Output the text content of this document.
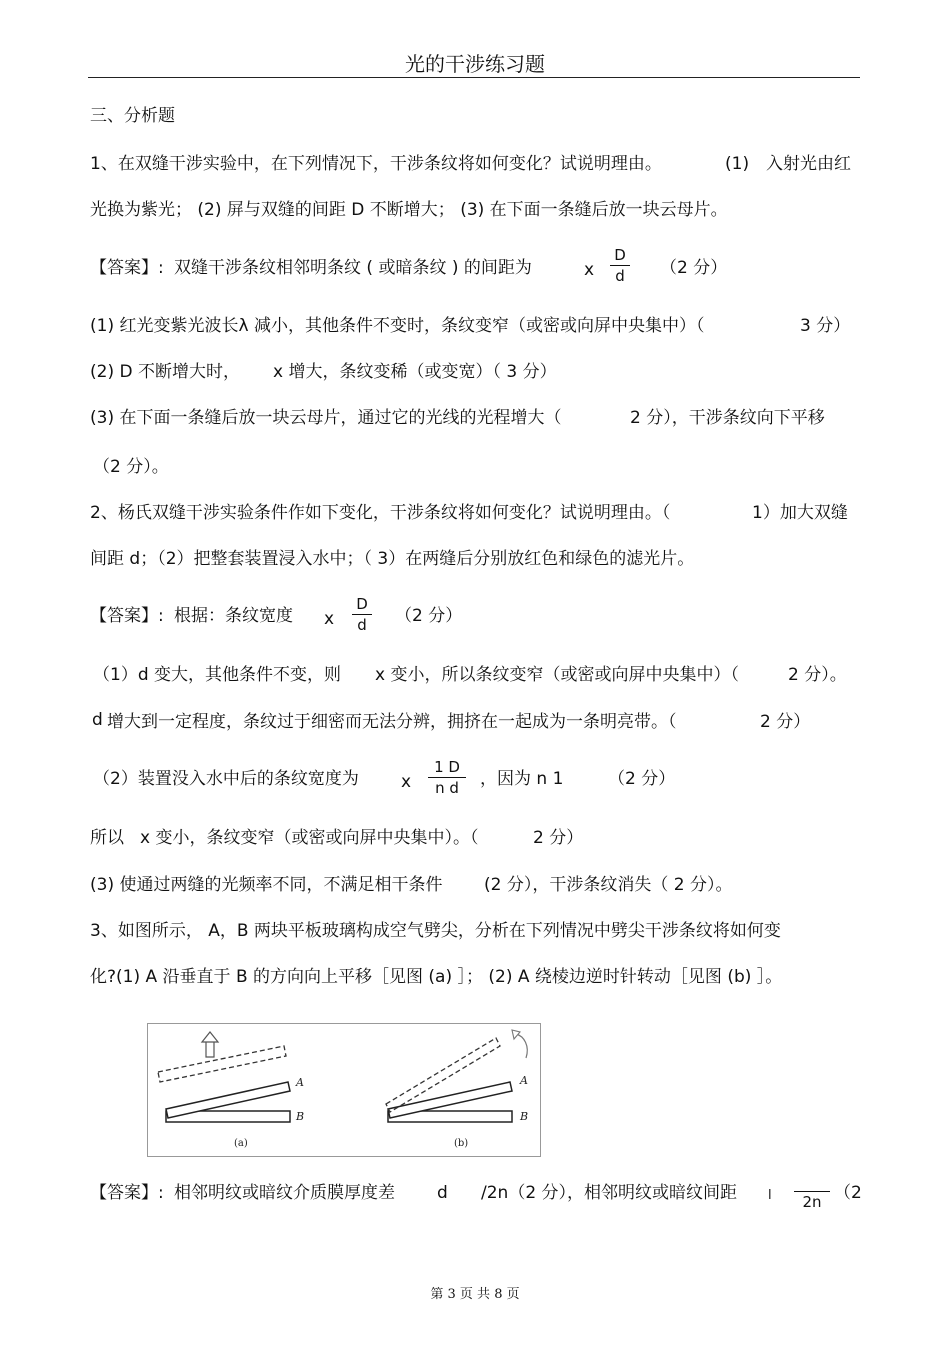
光的干涉练习题
三、分析题
1、在双缝干涉实验中，在下列情况下，干涉条纹将如何变化？试说明理由。	(1) 入射光由红
光换为紫光； (2) 屏与双缝的间距 D 不断增大； (3) 在下面一条缝后放一块云母片。
【答案】: 双缝干涉条纹相邻明条纹 ( 或暗条纹 ) 的间距为	x
D
d	（2 分）
(1) 红光变紫光波长λ 减小，其他条件不变时，条纹变窄（或密或向屏中央集中）（	3 分）
(2) D 不断增大时， x 增大，条纹变稀（或变宽）（ 3 分）
(3) 在下面一条缝后放一块云母片，通过它的光线的光程增大（	2 分），干涉条纹向下平移
（2 分）。
2、杨氏双缝干涉实验条件作如下变化，干涉条纹将如何变化？试说明理由。（	1）加大双缝
间距 d；（2）把整套装置浸入水中；（ 3）在两缝后分别放红色和绿色的滤光片。
【答案】: 根据：条纹宽度 x
D
d	（2 分）
（1）d 变大，其他条件不变，则 x 变小，所以条纹变窄（或密或向屏中央集中）（	2 分）。
d 增大到一定程度，条纹过于细密而无法分辨，拥挤在一起成为一条明亮带。（	2 分）
（2）装置没入水中后的条纹宽度为 x
1 D
n d	，因为 n 1	（2 分）
所以 x 变小，条纹变窄（或密或向屏中央集中）。（	2 分）
(3) 使通过两缝的光频率不同，不满足相干条件 (2 分），干涉条纹消失（ 2 分）。
3、如图所示， A，B 两块平板玻璃构成空气劈尖，分析在下列情况中劈尖干涉条纹将如何变
化?(1) A 沿垂直于 B 的方向向上平移［见图 (a) ］； (2) A 绕棱边逆时针转动［见图 (b) ］。
A
B
(a)
A
B
(b)
【答案】: 相邻明纹或暗纹介质膜厚度差 d /2n（2 分），相邻明纹或暗纹间距 l	2n （2
第 3 页 共 8 页
